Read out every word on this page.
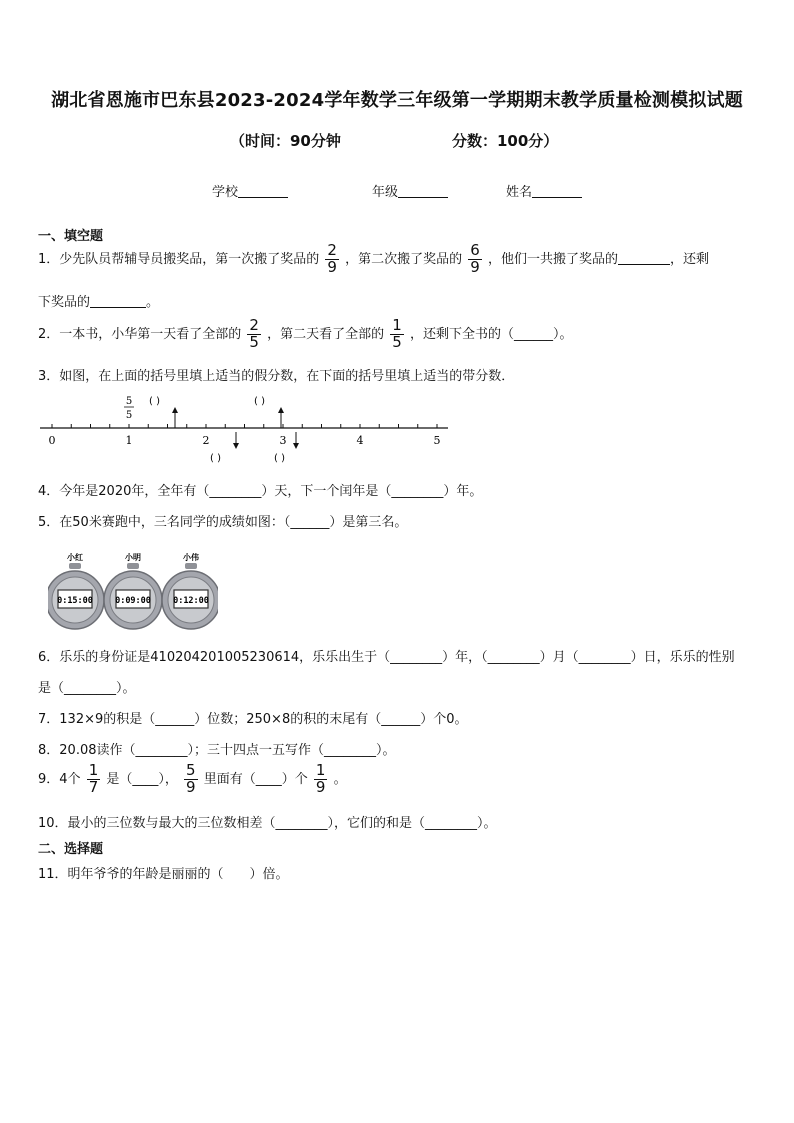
湖北省恩施市巴东县2023-2024学年数学三年级第一学期期末教学质量检测模拟试题
（时间：90分钟	分数：100分）
学校	年级	姓名
一、填空题
1．少先队员帮辅导员搬奖品，第一次搬了奖品的 $\frac{2}{9}$ ，第二次搬了奖品的 $\frac{6}{9}$ ，他们一共搬了奖品的	，还剩
下奖品的	。
2．一本书，小华第一天看了全部的 $\frac{2}{5}$ ，第二天看了全部的 $\frac{1}{5}$ ，还剩下全书的（______）。
3．如图，在上面的括号里填上适当的假分数，在下面的括号里填上适当的带分数．
0	1	2	3	4	5
5
5
( )	( )
( )	( )
4．今年是2020年，全年有（________）天，下一个闰年是（________）年。
5．在50米赛跑中，三名同学的成绩如图：（______）是第三名。
小红
0:15:00
小明
0:09:00
小伟
0:12:00
6．乐乐的身份证是410204201005230614，乐乐出生于（________）年，（________）月（________）日，乐乐的性别
是（________）。
7．132×9的积是（______）位数；250×8的积的末尾有（______）个0。
8．20.08读作（________）；三十四点一五写作（________）。
9．4个 $\frac{1}{7}$ 是（____）， $\frac{5}{9}$ 里面有（____）个 $\frac{1}{9}$ 。
10．最小的三位数与最大的三位数相差（________），它们的和是（________）。
二、选择题
11．明年爷爷的年龄是丽丽的（　　）倍。
